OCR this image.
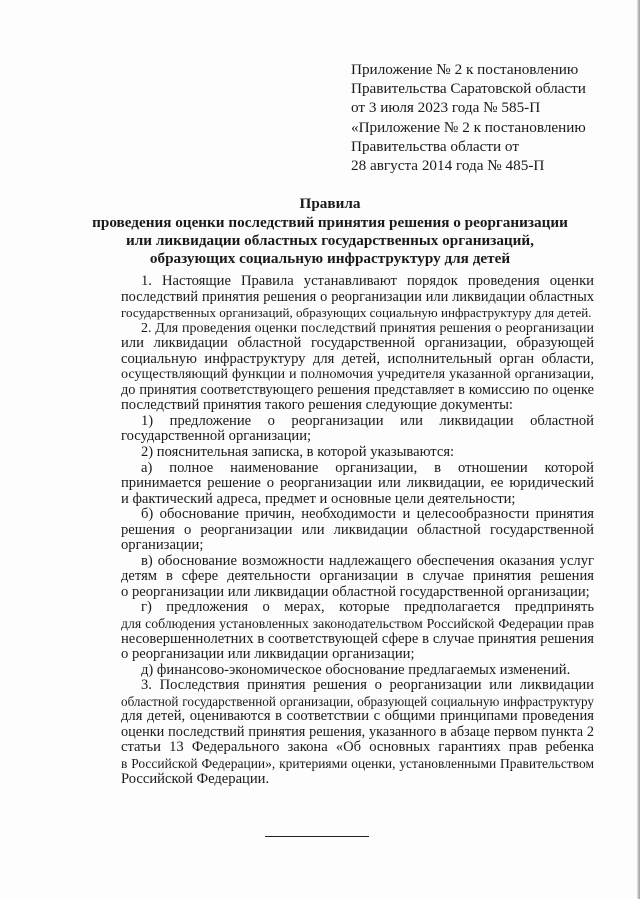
Приложение № 2 к постановлению
Правительства Саратовской области
от 3 июля 2023 года № 585-П
«Приложение № 2 к постановлению
Правительства области от
28 августа 2014 года № 485-П
Правила
проведения оценки последствий принятия решения о реорганизации
или ликвидации областных государственных организаций,
образующих социальную инфраструктуру для детей
1. Настоящие Правила устанавливают порядок проведения оценки
последствий принятия решения о реорганизации или ликвидации областных
государственных организаций, образующих социальную инфраструктуру для детей.
2. Для проведения оценки последствий принятия решения о реорганизации
или ликвидации областной государственной организации, образующей
социальную инфраструктуру для детей, исполнительный орган области,
осуществляющий функции и полномочия учредителя указанной организации,
до принятия соответствующего решения представляет в комиссию по оценке
последствий принятия такого решения следующие документы:
1) предложение о реорганизации или ликвидации областной
государственной организации;
2) пояснительная записка, в которой указываются:
а) полное наименование организации, в отношении которой
принимается решение о реорганизации или ликвидации, ее юридический
и фактический адреса, предмет и основные цели деятельности;
б) обоснование причин, необходимости и целесообразности принятия
решения о реорганизации или ликвидации областной государственной
организации;
в) обоснование возможности надлежащего обеспечения оказания услуг
детям в сфере деятельности организации в случае принятия решения
о реорганизации или ликвидации областной государственной организации;
г) предложения о мерах, которые предполагается предпринять
для соблюдения установленных законодательством Российской Федерации прав
несовершеннолетних в соответствующей сфере в случае принятия решения
о реорганизации или ликвидации организации;
д) финансово-экономическое обоснование предлагаемых изменений.
3. Последствия принятия решения о реорганизации или ликвидации
областной государственной организации, образующей социальную инфраструктуру
для детей, оцениваются в соответствии с общими принципами проведения
оценки последствий принятия решения, указанного в абзаце первом пункта 2
статьи 13 Федерального закона «Об основных гарантиях прав ребенка
в Российской Федерации», критериями оценки, установленными Правительством
Российской Федерации.
